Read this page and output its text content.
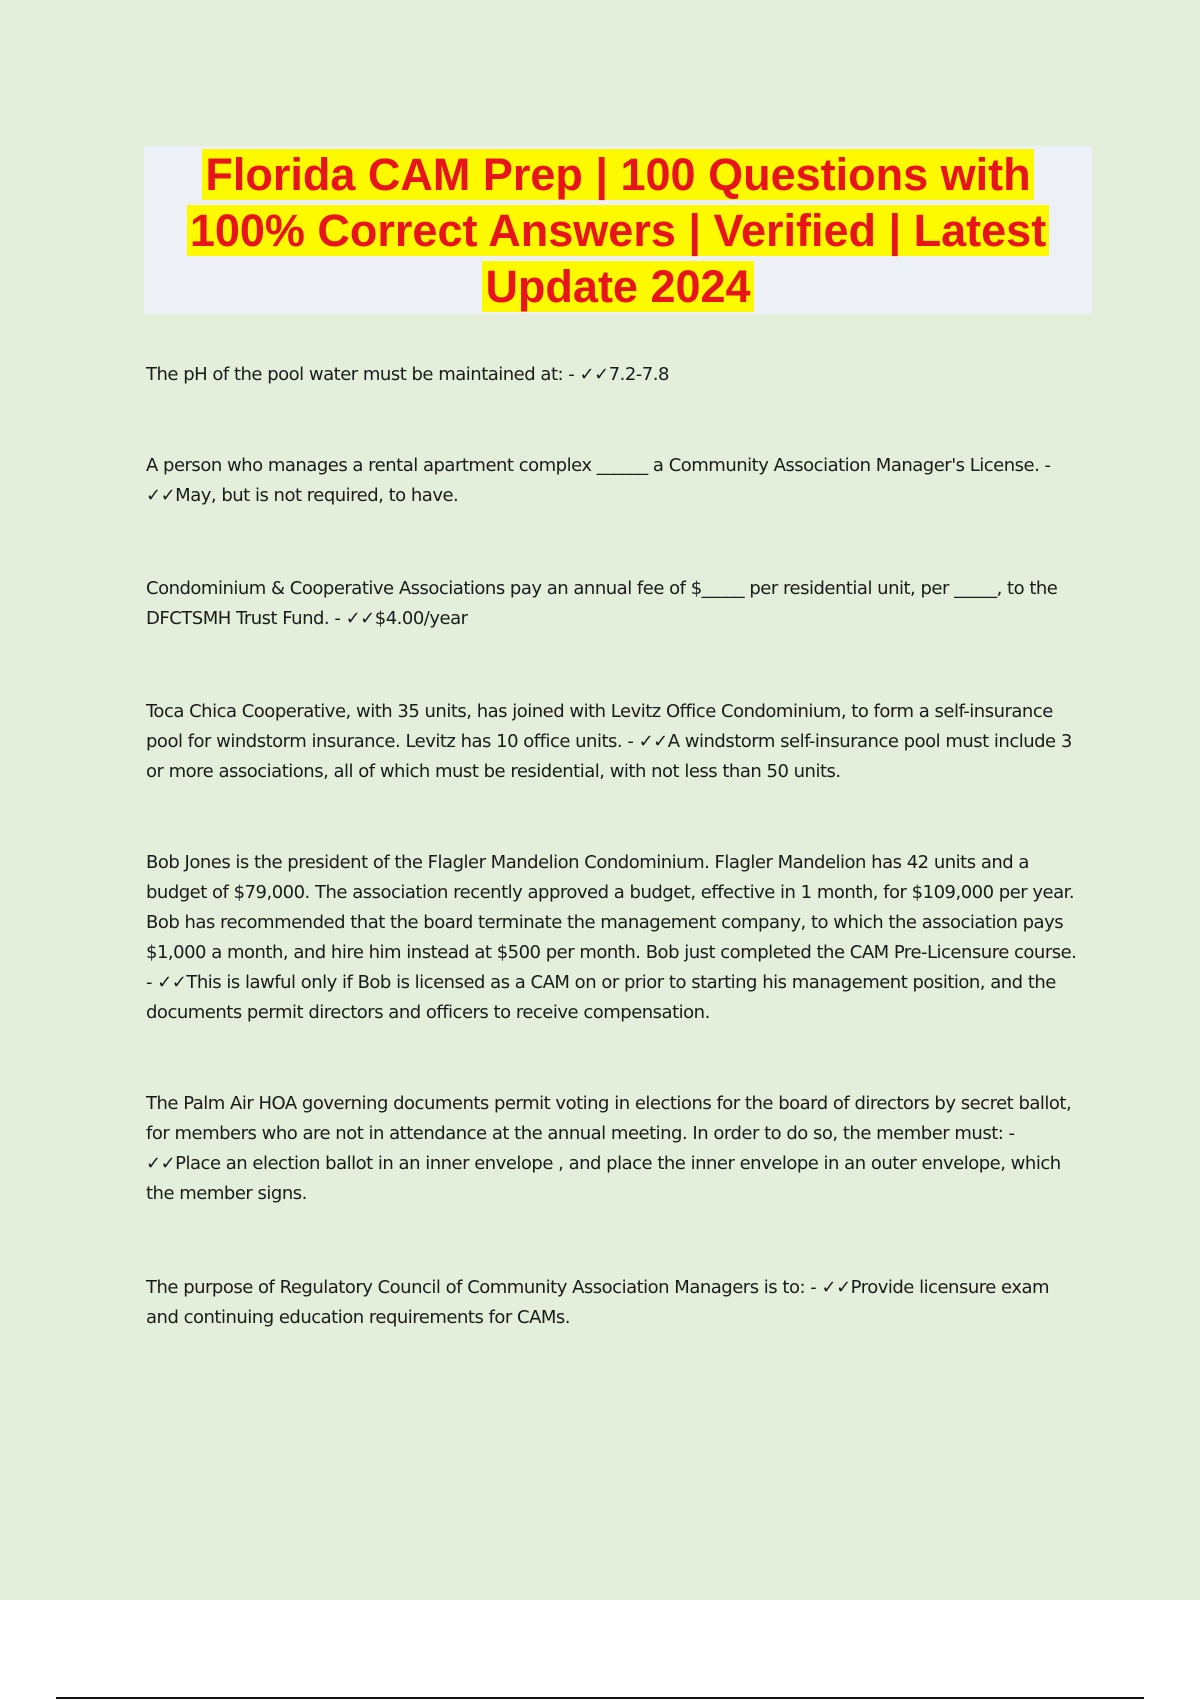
Florida CAM Prep | 100 Questions with
100% Correct Answers | Verified | Latest
Update 2024

The pH of the pool water must be maintained at: - ✓✓7.2-7.8

A person who manages a rental apartment complex ______ a Community Association Manager's License. - ✓✓May, but is not required, to have.

Condominium & Cooperative Associations pay an annual fee of $_____ per residential unit, per _____, to the DFCTSMH Trust Fund. - ✓✓$4.00/year

Toca Chica Cooperative, with 35 units, has joined with Levitz Office Condominium, to form a self-insurance pool for windstorm insurance. Levitz has 10 office units. - ✓✓A windstorm self-insurance pool must include 3 or more associations, all of which must be residential, with not less than 50 units.

Bob Jones is the president of the Flagler Mandelion Condominium. Flagler Mandelion has 42 units and a budget of $79,000. The association recently approved a budget, effective in 1 month, for $109,000 per year. Bob has recommended that the board terminate the management company, to which the association pays $1,000 a month, and hire him instead at $500 per month. Bob just completed the CAM Pre-Licensure course. - ✓✓This is lawful only if Bob is licensed as a CAM on or prior to starting his management position, and the documents permit directors and officers to receive compensation.

The Palm Air HOA governing documents permit voting in elections for the board of directors by secret ballot, for members who are not in attendance at the annual meeting. In order to do so, the member must: - ✓✓Place an election ballot in an inner envelope , and place the inner envelope in an outer envelope, which the member signs.

The purpose of Regulatory Council of Community Association Managers is to: - ✓✓Provide licensure exam and continuing education requirements for CAMs.
